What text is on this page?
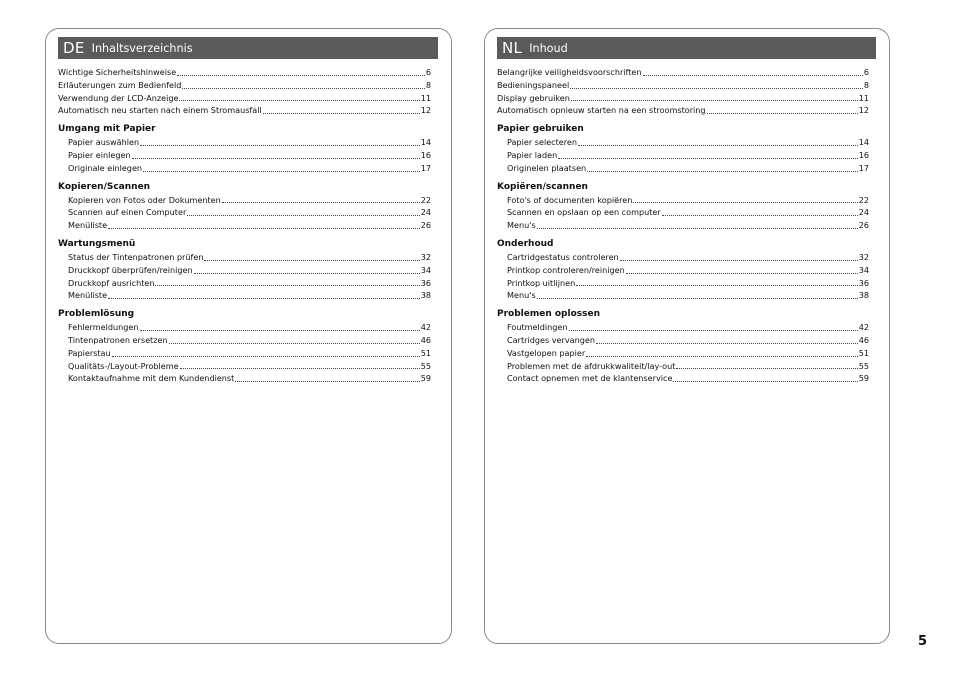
DE Inhaltsverzeichnis
Wichtige Sicherheitshinweise	6
Erläuterungen zum Bedienfeld	8
Verwendung der LCD-Anzeige	11
Automatisch neu starten nach einem Stromausfall	12
Umgang mit Papier
Papier auswählen	14
Papier einlegen	16
Originale einlegen	17
Kopieren/Scannen
Kopieren von Fotos oder Dokumenten	22
Scannen auf einen Computer	24
Menüliste	26
Wartungsmenü
Status der Tintenpatronen prüfen	32
Druckkopf überprüfen/reinigen	34
Druckkopf ausrichten	36
Menüliste	38
Problemlösung
Fehlermeldungen	42
Tintenpatronen ersetzen	46
Papierstau	51
Qualitäts-/Layout-Probleme	55
Kontaktaufnahme mit dem Kundendienst	59
NL Inhoud
Belangrijke veiligheidsvoorschriften	6
Bedieningspaneel	8
Display gebruiken	11
Automatisch opnieuw starten na een stroomstoring	12
Papier gebruiken
Papier selecteren	14
Papier laden	16
Originelen plaatsen	17
Kopiëren/scannen
Foto's of documenten kopiëren	22
Scannen en opslaan op een computer	24
Menu's	26
Onderhoud
Cartridgestatus controleren	32
Printkop controleren/reinigen	34
Printkop uitlijnen	36
Menu's	38
Problemen oplossen
Foutmeldingen	42
Cartridges vervangen	46
Vastgelopen papier	51
Problemen met de afdrukkwaliteit/lay-out	55
Contact opnemen met de klantenservice	59
5
